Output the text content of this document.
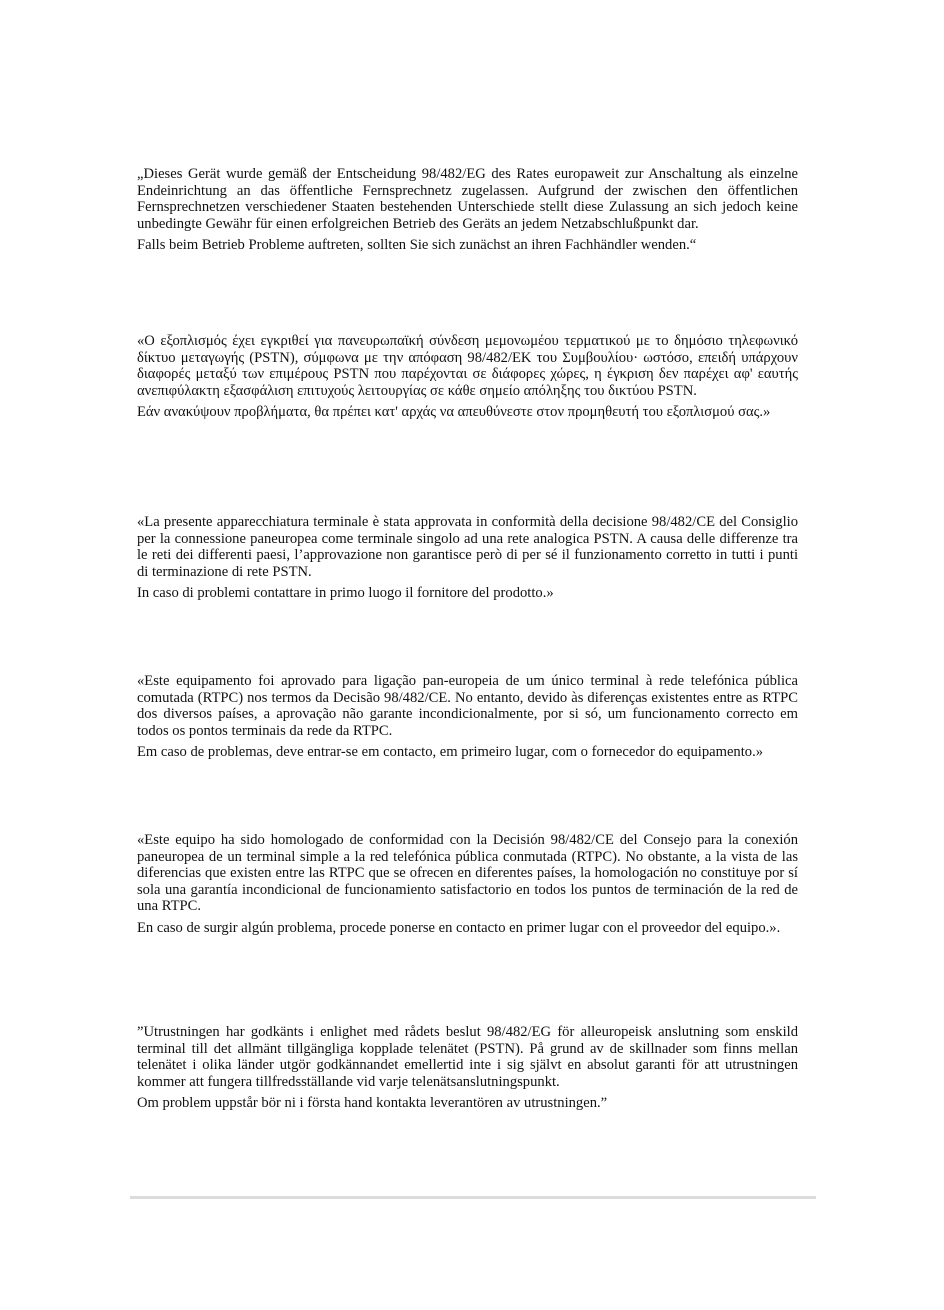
„Dieses Gerät wurde gemäß der Entscheidung 98/482/EG des Rates europaweit zur Anschaltung als einzelne Endeinrichtung an das öffentliche Fernsprechnetz zugelassen. Aufgrund der zwischen den öffentlichen Fernsprechnetzen verschiedener Staaten bestehenden Unterschiede stellt diese Zulassung an sich jedoch keine unbedingte Gewähr für einen erfolgreichen Betrieb des Geräts an jedem Netzabschlußpunkt dar.

Falls beim Betrieb Probleme auftreten, sollten Sie sich zunächst an ihren Fachhändler wenden.“

«Ο εξοπλισμός έχει εγκριθεί για πανευρωπαϊκή σύνδεση μεμονωμέου τερματικού με το δημόσιο τηλεφωνικό δίκτυο μεταγωγής (PSTN), σύμφωνα με την απόφαση 98/482/ΕΚ του Συμβουλίου· ωστόσο, επειδή υπάρχουν διαφορές μεταξύ των επιμέρους PSTN που παρέχονται σε διάφορες χώρες, η έγκριση δεν παρέχει αφ' εαυτής ανεπιφύλακτη εξασφάλιση επιτυχούς λειτουργίας σε κάθε σημείο απόληξης του δικτύου PSTN.

Εάν ανακύψουν προβλήματα, θα πρέπει κατ' αρχάς να απευθύνεστε στον προμηθευτή του εξοπλισμού σας.»

«La presente apparecchiatura terminale è stata approvata in conformità della decisione 98/482/CE del Consiglio per la connessione paneuropea come terminale singolo ad una rete analogica PSTN. A causa delle differenze tra le reti dei differenti paesi, l’approvazione non garantisce però di per sé il funzionamento corretto in tutti i punti di terminazione di rete PSTN.

In caso di problemi contattare in primo luogo il fornitore del prodotto.»

«Este equipamento foi aprovado para ligação pan-europeia de um único terminal à rede telefónica pública comutada (RTPC) nos termos da Decisão 98/482/CE. No entanto, devido às diferenças existentes entre as RTPC dos diversos países, a aprovação não garante incondicionalmente, por si só, um funcionamento correcto em todos os pontos terminais da rede da RTPC.

Em caso de problemas, deve entrar-se em contacto, em primeiro lugar, com o fornecedor do equipamento.»

«Este equipo ha sido homologado de conformidad con la Decisión 98/482/CE del Consejo para la conexión paneuropea de un terminal simple a la red telefónica pública conmutada (RTPC). No obstante, a la vista de las diferencias que existen entre las RTPC que se ofrecen en diferentes países, la homologación no constituye por sí sola una garantía incondicional de funcionamiento satisfactorio en todos los puntos de terminación de la red de una RTPC.

En caso de surgir algún problema, procede ponerse en contacto en primer lugar con el proveedor del equipo.».

”Utrustningen har godkänts i enlighet med rådets beslut 98/482/EG för alleuropeisk anslutning som enskild terminal till det allmänt tillgängliga kopplade telenätet (PSTN). På grund av de skillnader som finns mellan telenätet i olika länder utgör godkännandet emellertid inte i sig självt en absolut garanti för att utrustningen kommer att fungera tillfredsställande vid varje telenätsanslutningspunkt.

Om problem uppstår bör ni i första hand kontakta leverantören av utrustningen.”
